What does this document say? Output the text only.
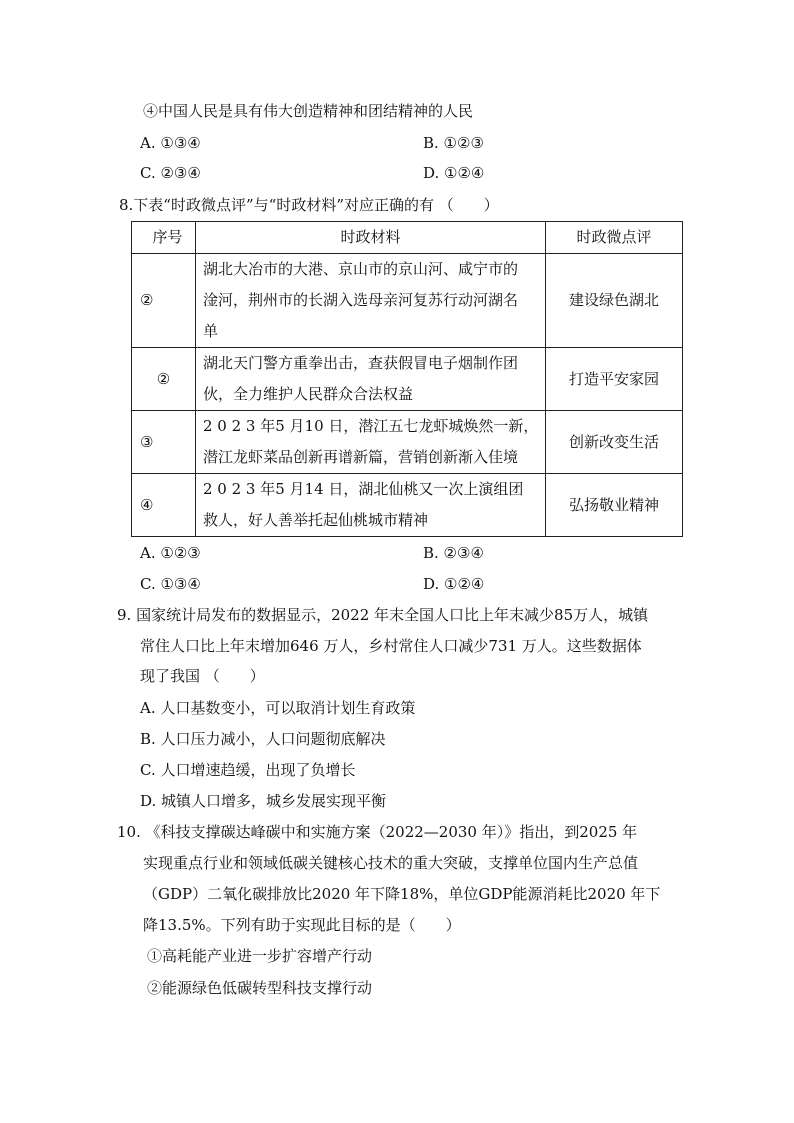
④中国人民是具有伟大创造精神和团结精神的人民
A. ①③④	B. ①②③
C. ②③④	D. ①②④
8.下表“时政微点评”与“时政材料”对应正确的有 （　　）
序号	时政材料	时政微点评
②	湖北大冶市的大港、京山市的京山河、咸宁市的
淦河，荆州市的长湖入选母亲河复苏行动河湖名
单	建设绿色湖北
②	湖北天门警方重拳出击，查获假冒电子烟制作团
伙，全力维护人民群众合法权益	打造平安家园
③	2 0 2 3 年5 月10 日，潜江五七龙虾城焕然一新，
潜江龙虾菜品创新再谱新篇，营销创新渐入佳境	创新改变生活
④	2 0 2 3 年5 月14 日，湖北仙桃又一次上演组团
救人，好人善举托起仙桃城市精神	弘扬敬业精神
A. ①②③	B. ②③④
C. ①③④	D. ①②④
9. 国家统计局发布的数据显示，2022 年末全国人口比上年末减少85万人，城镇
常住人口比上年末增加646 万人，乡村常住人口减少731 万人。这些数据体
现了我国 （　　）
A. 人口基数变小，可以取消计划生育政策
B. 人口压力减小，人口问题彻底解决
C. 人口增速趋缓，出现了负增长
D. 城镇人口增多，城乡发展实现平衡
10. 《科技支撑碳达峰碳中和实施方案（2022—2030 年）》指出，到2025 年
实现重点行业和领域低碳关键核心技术的重大突破，支撑单位国内生产总值
（GDP）二氧化碳排放比2020 年下降18%，单位GDP能源消耗比2020 年下
降13.5%。下列有助于实现此目标的是（　　）
①高耗能产业进一步扩容增产行动
②能源绿色低碳转型科技支撑行动
